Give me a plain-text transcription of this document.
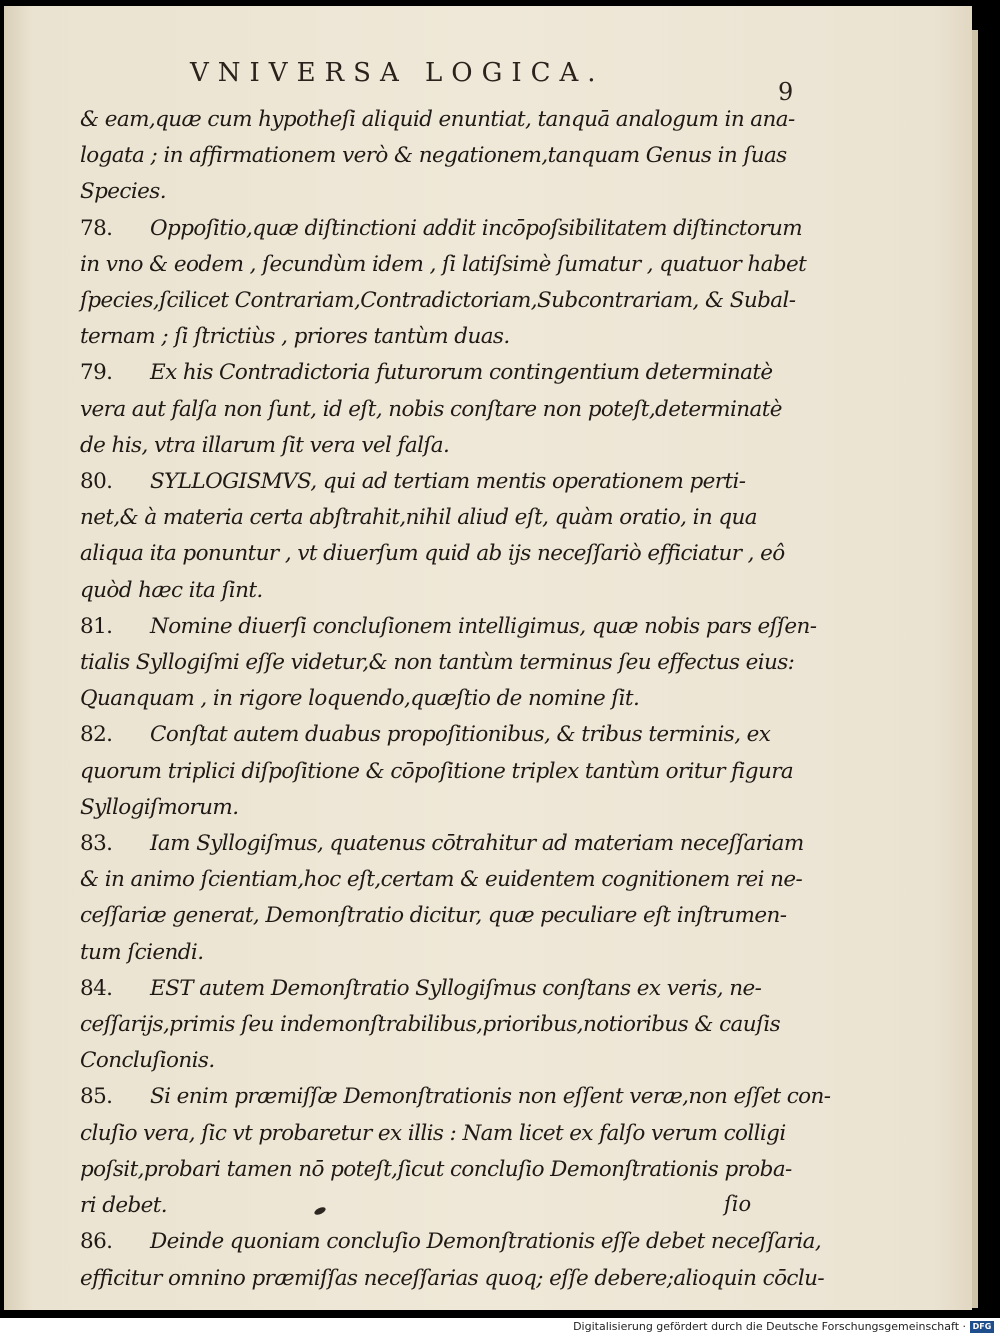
VNIVERSA LOGICA.
9
& eam,quæ cum hypotheſi aliquid enuntiat, tanquā analogum in ana-
logata ; in affirmationem verò & negationem,tanquam Genus in ſuas
Species.
78. Oppoſitio,quæ diſtinctioni addit incōpoſsibilitatem diſtinctorum
in vno & eodem , ſecundùm idem , ſi latiſsimè ſumatur , quatuor habet
ſpecies,ſcilicet Contrariam,Contradictoriam,Subcontrariam, & Subal-
ternam ; ſi ſtrictiùs , priores tantùm duas.
79. Ex his Contradictoria futurorum contingentium determinatè
vera aut falſa non ſunt, id eſt, nobis conſtare non poteſt,determinatè
de his, vtra illarum ſit vera vel falſa.
80. SYLLOGISMVS, qui ad tertiam mentis operationem perti-
net,& à materia certa abſtrahit,nihil aliud eſt, quàm oratio, in qua
aliqua ita ponuntur , vt diuerſum quid ab ijs neceſſariò efficiatur , eô
quòd hæc ita ſint.
81. Nomine diuerſi concluſionem intelligimus, quæ nobis pars eſſen-
tialis Syllogiſmi eſſe videtur,& non tantùm terminus ſeu effectus eius:
Quanquam , in rigore loquendo,quæſtio de nomine ſit.
82. Conſtat autem duabus propoſitionibus, & tribus terminis, ex
quorum triplici diſpoſitione & cōpoſitione triplex tantùm oritur figura
Syllogiſmorum.
83. Iam Syllogiſmus, quatenus cōtrahitur ad materiam neceſſariam
& in animo ſcientiam,hoc eſt,certam & euidentem cognitionem rei ne-
ceſſariæ generat, Demonſtratio dicitur, quæ peculiare eſt inſtrumen-
tum ſciendi.
84. EST autem Demonſtratio Syllogiſmus conſtans ex veris, ne-
ceſſarijs,primis ſeu indemonſtrabilibus,prioribus,notioribus & cauſis
Concluſionis.
85. Si enim præmiſſæ Demonſtrationis non eſſent veræ,non eſſet con-
cluſio vera, ſic vt probaretur ex illis : Nam licet ex falſo verum colligi
poſsit,probari tamen nō poteſt,ſicut concluſio Demonſtrationis proba-
ri debet.
86. Deinde quoniam concluſio Demonſtrationis eſſe debet neceſſaria,
efficitur omnino præmiſſas neceſſarias quoq; eſſe debere;alioquin cōclu-
ſio
Digitalisierung gefördert durch die Deutsche Forschungsgemeinschaft · DFG
